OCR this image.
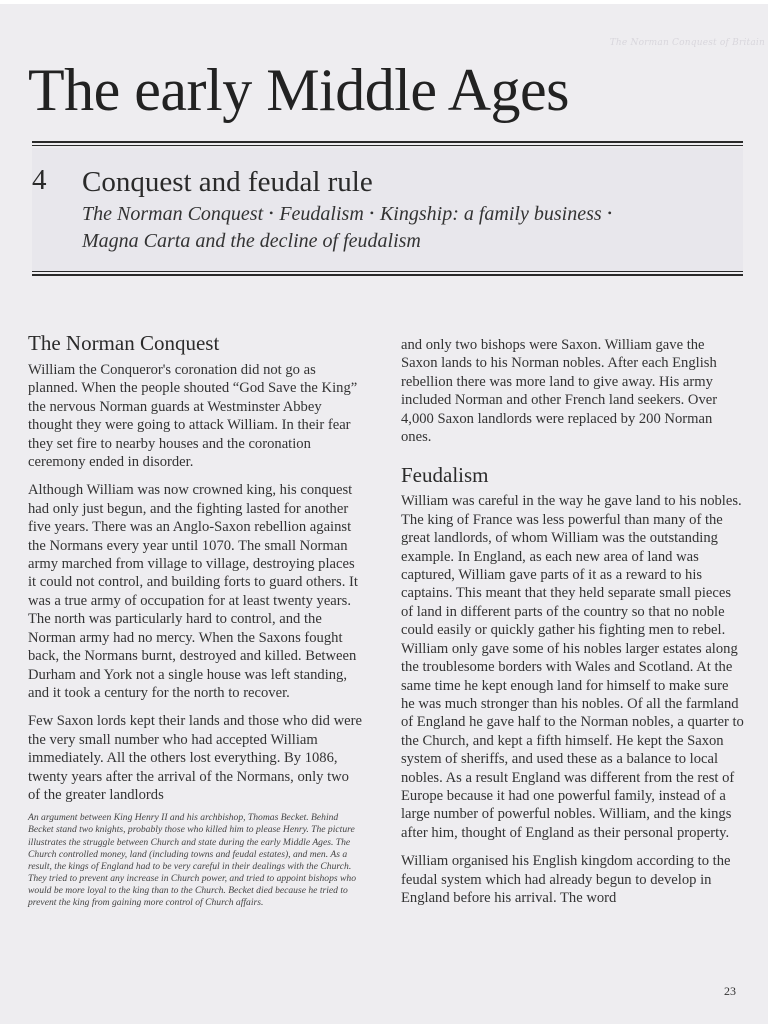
The Norman Conquest of Britain
The early Middle Ages
4 Conquest and feudal rule
The Norman Conquest • Feudalism • Kingship: a family business •
Magna Carta and the decline of feudalism
The Norman Conquest

William the Conqueror's coronation did not go as planned. When the people shouted “God Save the King” the nervous Norman guards at Westminster Abbey thought they were going to attack William. In their fear they set fire to nearby houses and the coronation ceremony ended in disorder.

Although William was now crowned king, his conquest had only just begun, and the fighting lasted for another five years. There was an Anglo-Saxon rebellion against the Normans every year until 1070. The small Norman army marched from village to village, destroying places it could not control, and building forts to guard others. It was a true army of occupation for at least twenty years. The north was particularly hard to control, and the Norman army had no mercy. When the Saxons fought back, the Normans burnt, destroyed and killed. Between Durham and York not a single house was left standing, and it took a century for the north to recover.

Few Saxon lords kept their lands and those who did were the very small number who had accepted William immediately. All the others lost everything. By 1086, twenty years after the arrival of the Normans, only two of the greater landlords

An argument between King Henry II and his archbishop, Thomas Becket. Behind Becket stand two knights, probably those who killed him to please Henry. The picture illustrates the struggle between Church and state during the early Middle Ages. The Church controlled money, land (including towns and feudal estates), and men. As a result, the kings of England had to be very careful in their dealings with the Church. They tried to prevent any increase in Church power, and tried to appoint bishops who would be more loyal to the king than to the Church. Becket died because he tried to prevent the king from gaining more control of Church affairs.

and only two bishops were Saxon. William gave the Saxon lands to his Norman nobles. After each English rebellion there was more land to give away. His army included Norman and other French land seekers. Over 4,000 Saxon landlords were replaced by 200 Norman ones.

Feudalism

William was careful in the way he gave land to his nobles. The king of France was less powerful than many of the great landlords, of whom William was the outstanding example. In England, as each new area of land was captured, William gave parts of it as a reward to his captains. This meant that they held separate small pieces of land in different parts of the country so that no noble could easily or quickly gather his fighting men to rebel. William only gave some of his nobles larger estates along the troublesome borders with Wales and Scotland. At the same time he kept enough land for himself to make sure he was much stronger than his nobles. Of all the farmland of England he gave half to the Norman nobles, a quarter to the Church, and kept a fifth himself. He kept the Saxon system of sheriffs, and used these as a balance to local nobles. As a result England was different from the rest of Europe because it had one powerful family, instead of a large number of powerful nobles. William, and the kings after him, thought of England as their personal property.

William organised his English kingdom according to the feudal system which had already begun to develop in England before his arrival. The word

23
